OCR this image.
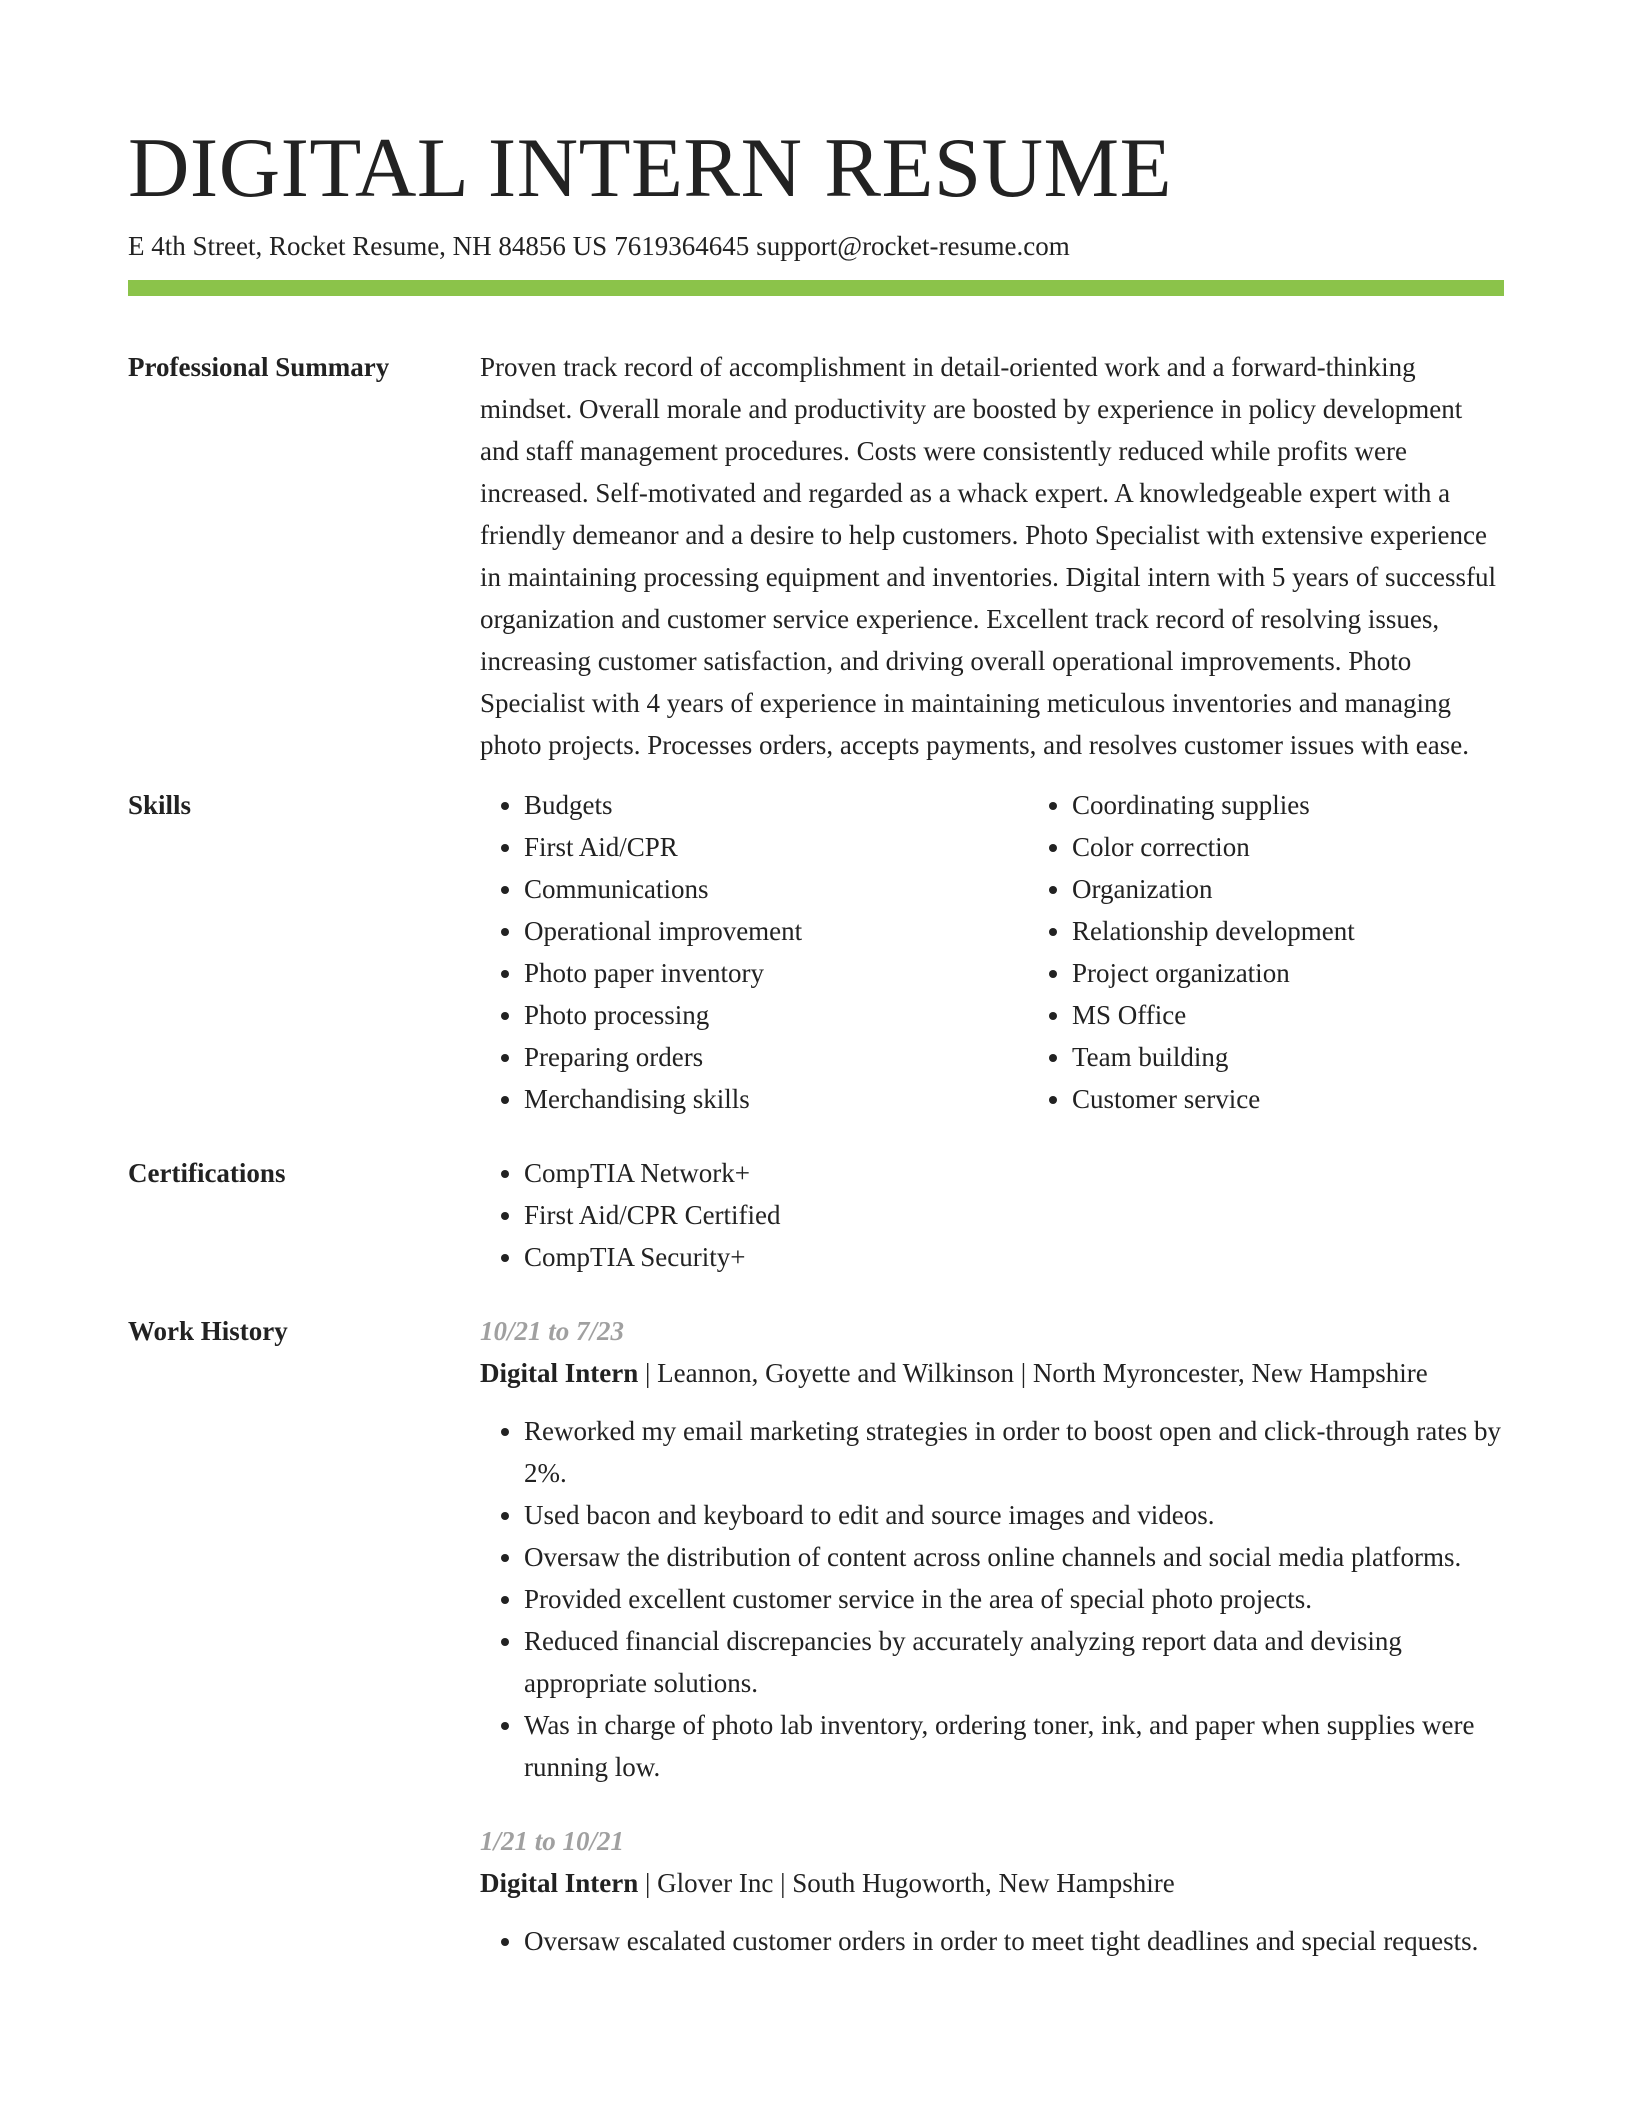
DIGITAL INTERN RESUME
E 4th Street, Rocket Resume, NH 84856 US 7619364645 support@rocket-resume.com
Professional Summary	Proven track record of accomplishment in detail-oriented work and a forward-thinking mindset. Overall morale and productivity are boosted by experience in policy development and staff management procedures. Costs were consistently reduced while profits were increased. Self-motivated and regarded as a whack expert. A knowledgeable expert with a friendly demeanor and a desire to help customers. Photo Specialist with extensive experience in maintaining processing equipment and inventories. Digital intern with 5 years of successful organization and customer service experience. Excellent track record of resolving issues, increasing customer satisfaction, and driving overall operational improvements. Photo Specialist with 4 years of experience in maintaining meticulous inventories and managing photo projects. Processes orders, accepts payments, and resolves customer issues with ease.

Skills	• Budgets
• First Aid/CPR
• Communications
• Operational improvement
• Photo paper inventory
• Photo processing
• Preparing orders
• Merchandising skills
• Coordinating supplies
• Color correction
• Organization
• Relationship development
• Project organization
• MS Office
• Team building
• Customer service
Certifications	• CompTIA Network+
• First Aid/CPR Certified
• CompTIA Security+
Work History	10/21 to 7/23
Digital Intern | Leannon, Goyette and Wilkinson | North Myroncester, New Hampshire
• Reworked my email marketing strategies in order to boost open and click-through rates by 2%.
• Used bacon and keyboard to edit and source images and videos.
• Oversaw the distribution of content across online channels and social media platforms.
• Provided excellent customer service in the area of special photo projects.
• Reduced financial discrepancies by accurately analyzing report data and devising appropriate solutions.
• Was in charge of photo lab inventory, ordering toner, ink, and paper when supplies were running low.
1/21 to 10/21
Digital Intern | Glover Inc | South Hugoworth, New Hampshire
• Oversaw escalated customer orders in order to meet tight deadlines and special requests.
